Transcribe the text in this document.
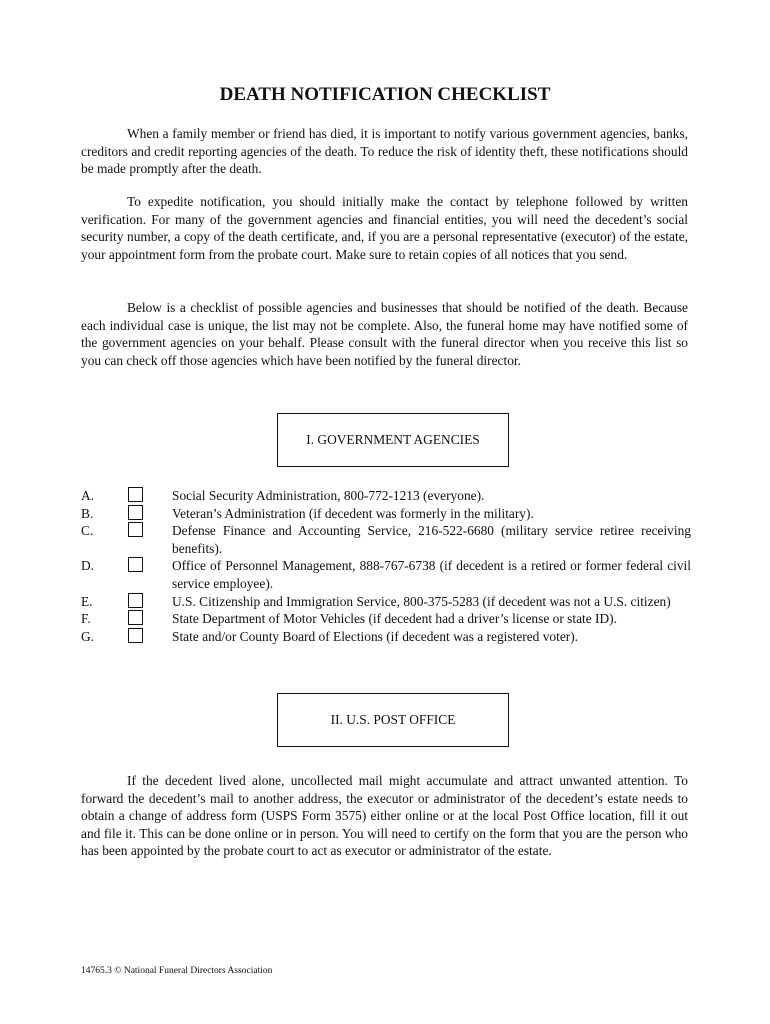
DEATH NOTIFICATION CHECKLIST
When a family member or friend has died, it is important to notify various government agencies, banks, creditors and credit reporting agencies of the death. To reduce the risk of identity theft, these notifications should be made promptly after the death.
To expedite notification, you should initially make the contact by telephone followed by written verification. For many of the government agencies and financial entities, you will need the decedent’s social security number, a copy of the death certificate, and, if you are a personal representative (executor) of the estate, your appointment form from the probate court. Make sure to retain copies of all notices that you send.
Below is a checklist of possible agencies and businesses that should be notified of the death. Because each individual case is unique, the list may not be complete. Also, the funeral home may have notified some of the government agencies on your behalf. Please consult with the funeral director when you receive this list so you can check off those agencies which have been notified by the funeral director.
I. GOVERNMENT AGENCIES
A.	Social Security Administration, 800-772-1213 (everyone).
B.	Veteran’s Administration (if decedent was formerly in the military).
C.	Defense Finance and Accounting Service, 216-522-6680 (military service retiree receiving benefits).
D.	Office of Personnel Management, 888-767-6738 (if decedent is a retired or former federal civil service employee).
E.	U.S. Citizenship and Immigration Service, 800-375-5283 (if decedent was not a U.S. citizen)
F.	State Department of Motor Vehicles (if decedent had a driver’s license or state ID).
G.	State and/or County Board of Elections (if decedent was a registered voter).
II. U.S. POST OFFICE
If the decedent lived alone, uncollected mail might accumulate and attract unwanted attention. To forward the decedent’s mail to another address, the executor or administrator of the decedent’s estate needs to obtain a change of address form (USPS Form 3575) either online or at the local Post Office location, fill it out and file it. This can be done online or in person. You will need to certify on the form that you are the person who has been appointed by the probate court to act as executor or administrator of the estate.
14765.3 © National Funeral Directors Association
